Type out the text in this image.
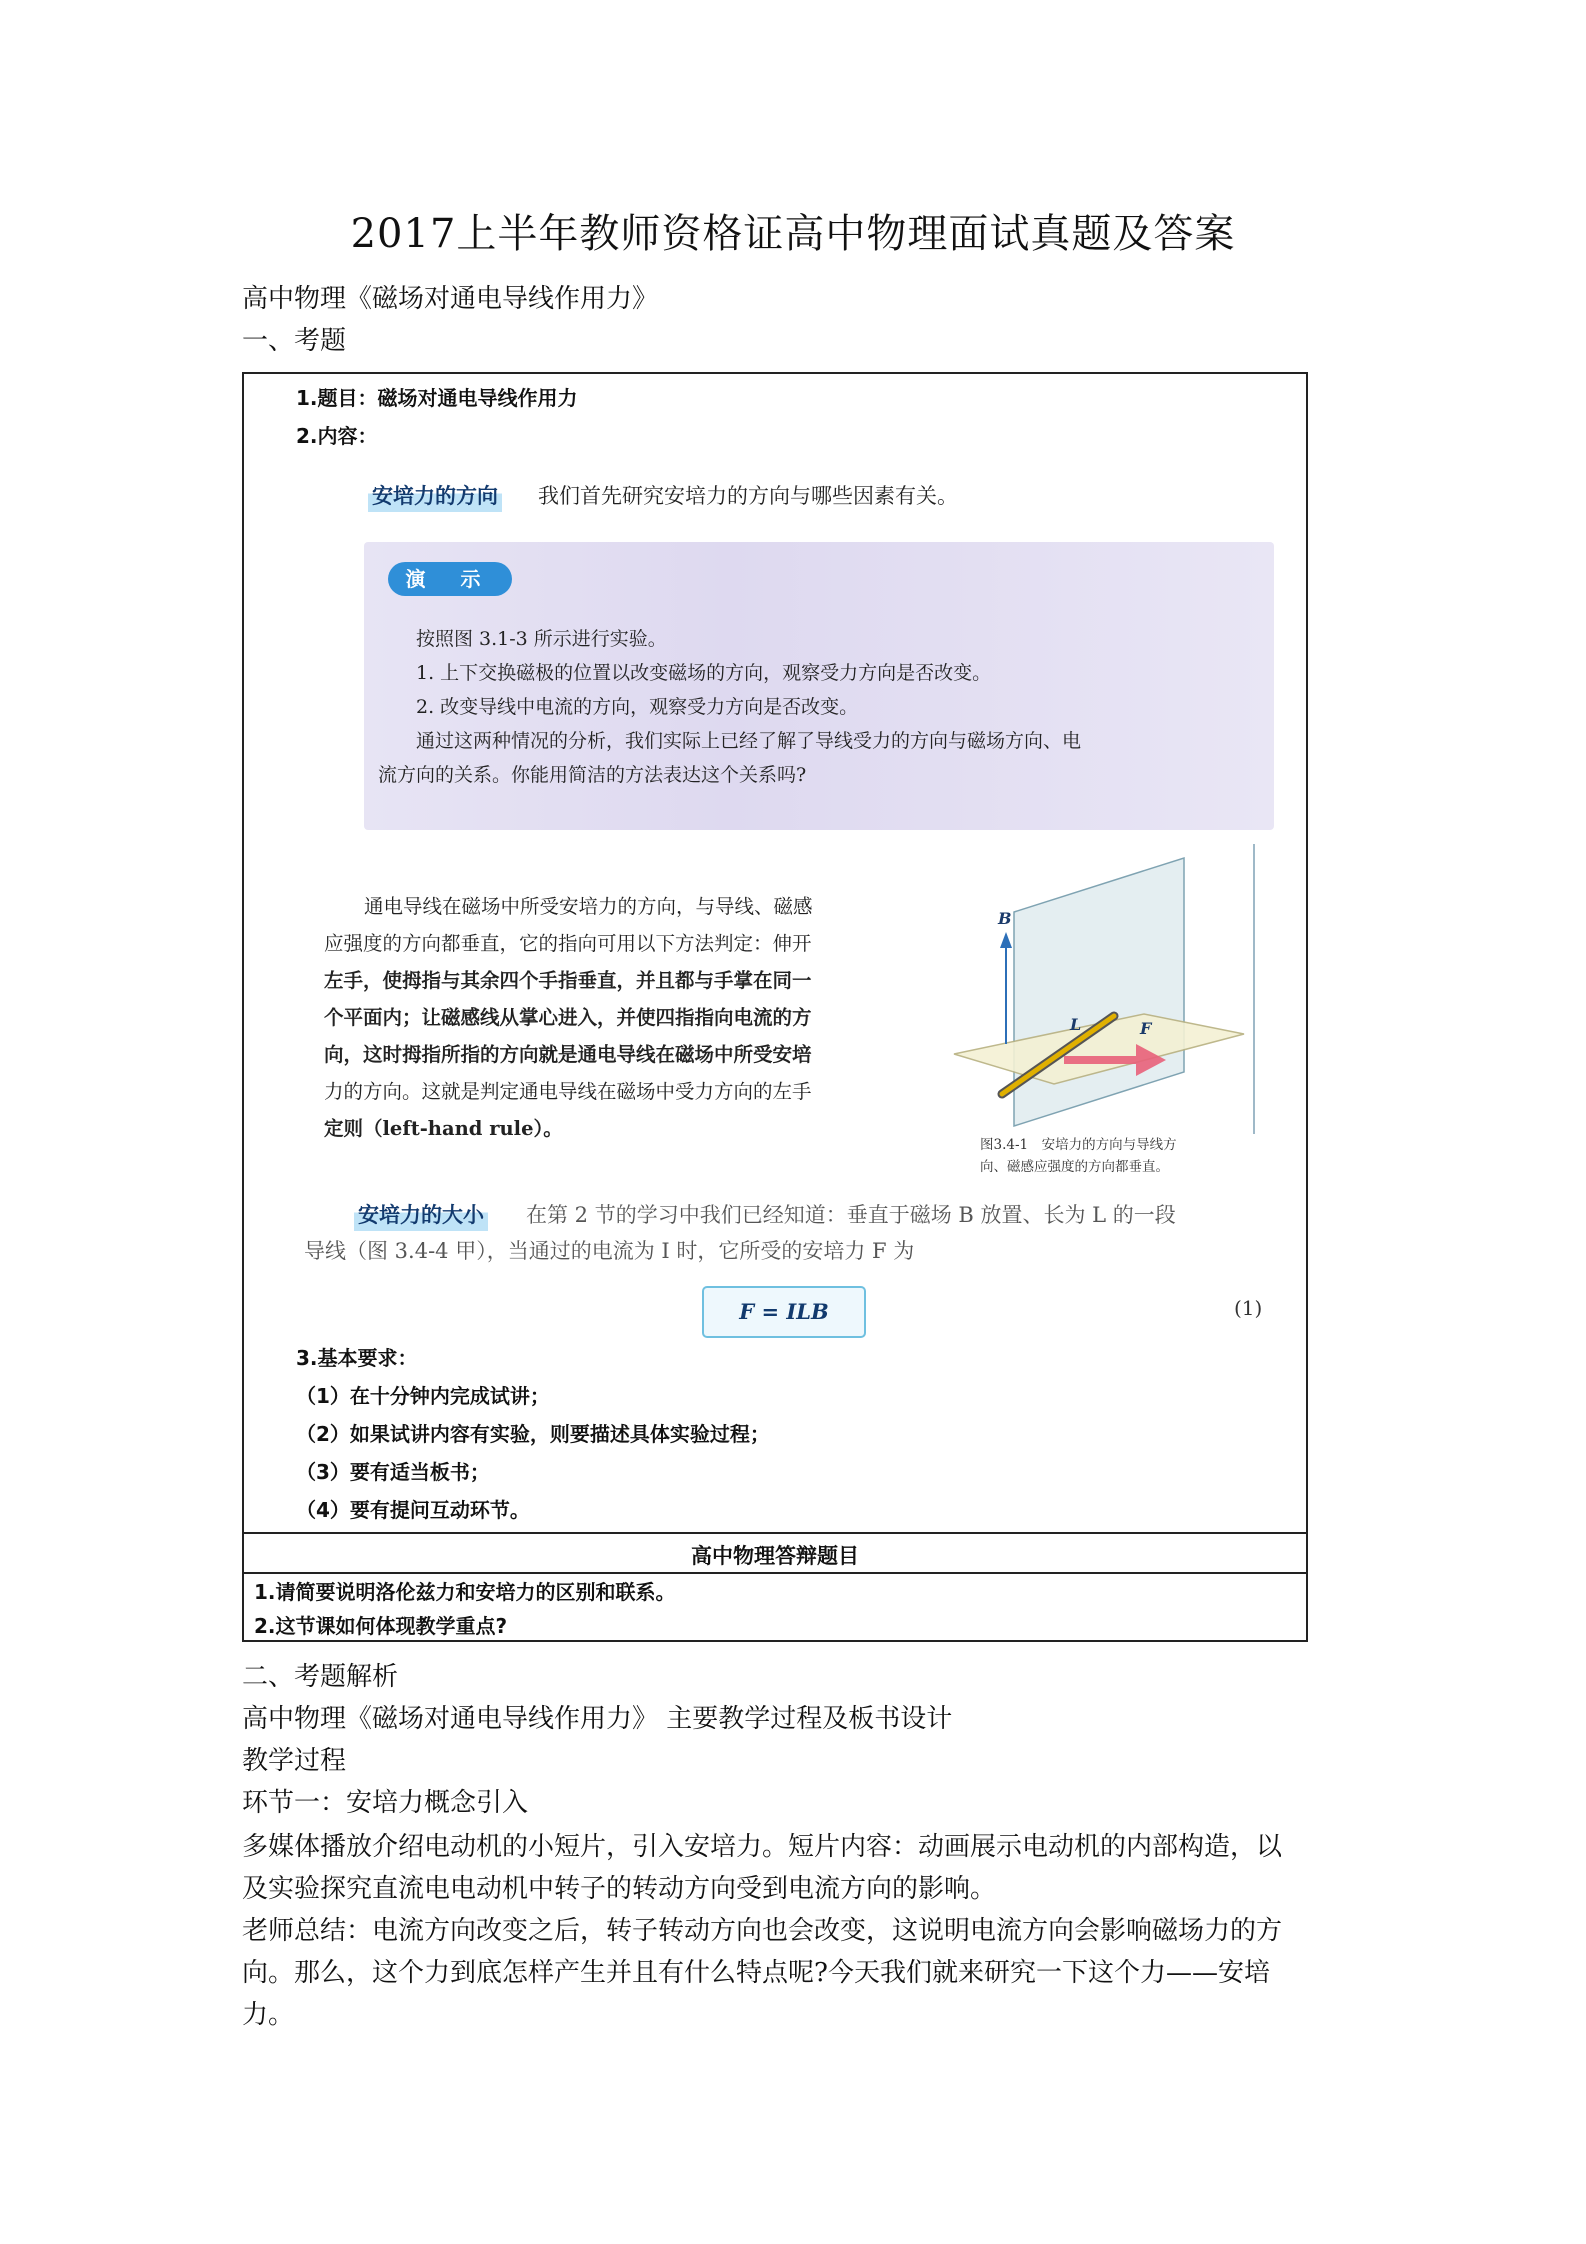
2017上半年教师资格证高中物理面试真题及答案
高中物理《磁场对通电导线作用力》
一、考题
1.题目：磁场对通电导线作用力
2.内容：
安培力的方向 我们首先研究安培力的方向与哪些因素有关。
演 示
按照图 3.1-3 所示进行实验。
1. 上下交换磁极的位置以改变磁场的方向，观察受力方向是否改变。
2. 改变导线中电流的方向，观察受力方向是否改变。
通过这两种情况的分析，我们实际上已经了解了导线受力的方向与磁场方向、电
流方向的关系。你能用简洁的方法表达这个关系吗?
通电导线在磁场中所受安培力的方向，与导线、磁感
应强度的方向都垂直，它的指向可用以下方法判定：伸开
左手，使拇指与其余四个手指垂直，并且都与手掌在同一
个平面内；让磁感线从掌心进入，并使四指指向电流的方
向，这时拇指所指的方向就是通电导线在磁场中所受安培
力的方向。这就是判定通电导线在磁场中受力方向的左手
定则（left-hand rule）。
B
L	F
图3.4-1　安培力的方向与导线方
向、磁感应强度的方向都垂直。
安培力的大小 在第 2 节的学习中我们已经知道：垂直于磁场 B 放置、长为 L 的一段
导线（图 3.4-4 甲），当通过的电流为 I 时，它所受的安培力 F 为
F = ILB	(1)
3.基本要求：
（1）在十分钟内完成试讲；
（2）如果试讲内容有实验，则要描述具体实验过程；
（3）要有适当板书；
（4）要有提问互动环节。
高中物理答辩题目
1.请简要说明洛伦兹力和安培力的区别和联系。
2.这节课如何体现教学重点?
二、考题解析
高中物理《磁场对通电导线作用力》 主要教学过程及板书设计
教学过程
环节一：安培力概念引入
多媒体播放介绍电动机的小短片，引入安培力。短片内容：动画展示电动机的内部构造，以
及实验探究直流电电动机中转子的转动方向受到电流方向的影响。
老师总结：电流方向改变之后，转子转动方向也会改变，这说明电流方向会影响磁场力的方
向。那么，这个力到底怎样产生并且有什么特点呢?今天我们就来研究一下这个力——安培
力。
